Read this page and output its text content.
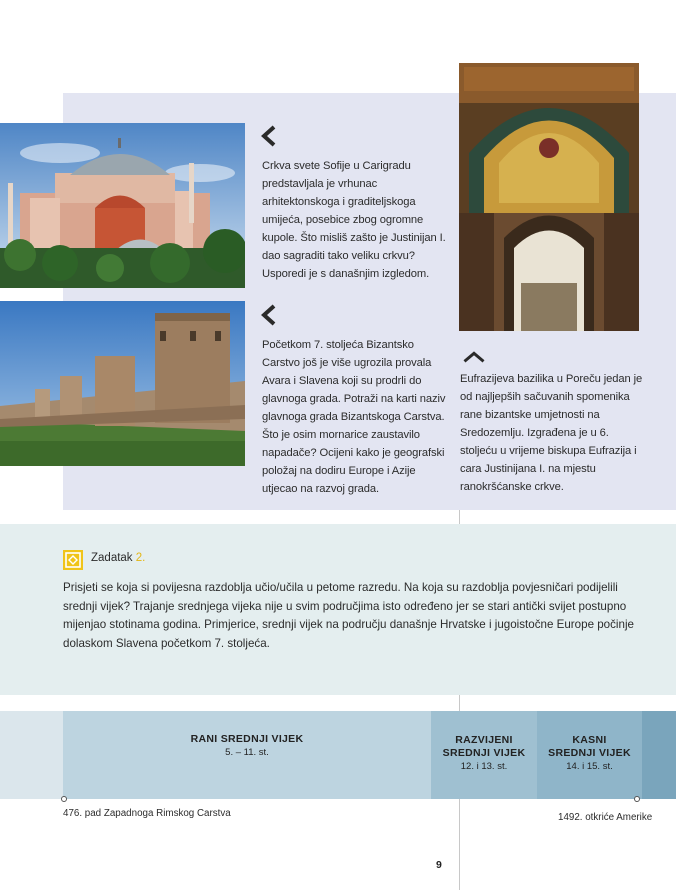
Crkva svete Sofije u Carigradu predstavljala je vrhunac arhitektonskoga i graditeljskoga umijeća, posebice zbog ogromne kupole. Što misliš zašto je Justinijan I. dao sagraditi tako veliku crkvu? Usporedi je s današnjim izgledom.

Početkom 7. stoljeća Bizantsko Carstvo još je više ugrozila provala Avara i Slavena koji su prodrli do glavnoga grada. Potraži na karti naziv glavnoga grada Bizantskoga Carstva. Što je osim mornarice zaustavilo napadače? Ocijeni kako je geografski položaj na dodiru Europe i Azije utjecao na razvoj grada.

Eufrazijeva bazilika u Poreču jedan je od najljepših sačuvanih spomenika rane bizantske umjetnosti na Sredozemlju. Izgrađena je u 6. stoljeću u vrijeme biskupa Eufrazija i cara Justinijana I. na mjestu ranokršćanske crkve.

Zadatak 2.

Prisjeti se koja si povijesna razdoblja učio/učila u petome razredu. Na koja su razdoblja povjesničari podijelili srednji vijek? Trajanje srednjega vijeka nije u svim područjima isto određeno jer se stari antički svijet postupno mijenjao stotinama godina. Primjerice, srednji vijek na području današnje Hrvatske i jugoistočne Europe počinje dolaskom Slavena početkom 7. stoljeća.

RANI SREDNJI VIJEK
5. – 11. st.
RAZVIJENI
SREDNJI VIJEK
12. i 13. st.
KASNI
SREDNJI VIJEK
14. i 15. st.
476. pad Zapadnoga Rimskog Carstva	1492. otkriće Amerike
9
